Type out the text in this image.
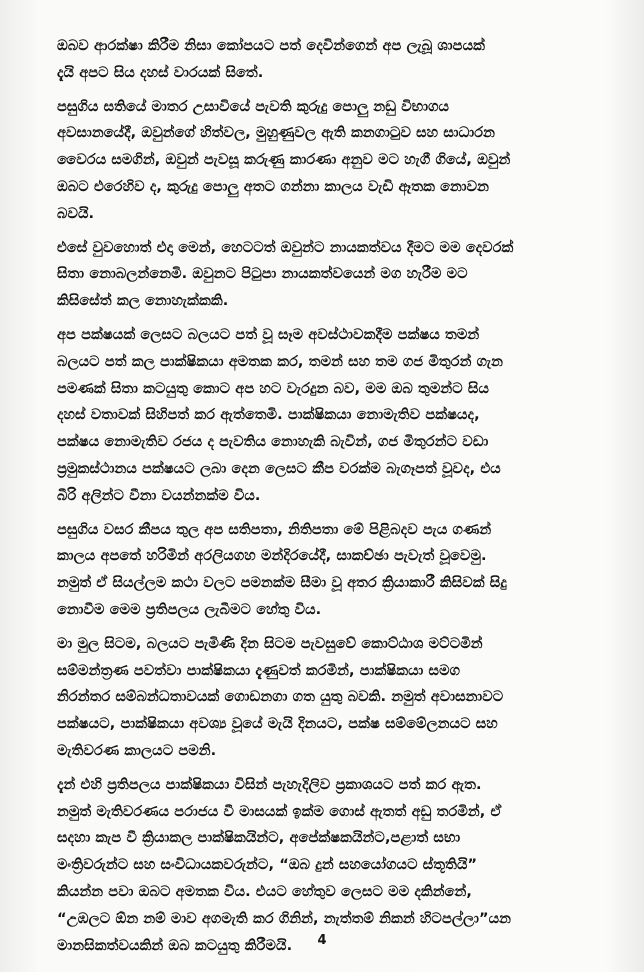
ඔබව ආරක්ෂා කිරීම නිසා කෝපයට පත් දෙවින්ගෙන් අප ලැබූ ශාපයක්
දැයි අපට සිය දහස් වාරයක් සිතේ.
පසුගිය සතියේ මාතර උසාවියේ පැවති කුරුදු පොලු නඩු විභාගය
අවසානයේදී, ඔවුන්ගේ හිත්වල, මුහුණුවල ඇති කනගාටුව සහ සාධාරන
වෛරය සමගින්, ඔවුන් පැවසූ කරුණු කාරණා අනුව මට හැගී ගියේ, ඔවුන්
ඔබට එරෙහිව ද, කුරුදු පොලු අතට ගන්නා කාලය වැඩි ඈතක නොවන
බවයි.
එසේ වුවහොත් එදා මෙන්, හෙටටත් ඔවුන්ට නායකත්වය දීමට මම දෙවරක්
සිතා නොබලන්නෙමි. ඔවුනට පිටුපා නායකත්වයෙන් මග හැරීම මට
කිසිසේත් කල නොහැක්කකි.
අප පක්ෂයක් ලෙසට බලයට පත් වූ සෑම අවස්ථාවකදීම පක්ෂය තමන්
බලයට පත් කල පාක්ෂිකයා අමතක කර, තමන් සහ තම ගජ මිතුරන් ගැන
පමණක් සිතා කටයුතු කොට අප හට වැරදුන බව, මම ඔබ තුමන්ට සිය
දහස් වතාවක් සිහිපත් කර ඇත්තෙමි. පාක්ෂිකයා නොමැතිව පක්ෂයද,
පක්ෂය නොමැතිව රජය ද පැවතිය නොහැකි බැවින්, ගජ මිතුරන්ට වඩා
ප්‍රමුකස්ථානය පක්ෂයට ලබා දෙන ලෙසට කීප වරක්ම බැගෑපත් වූවද, එය
බීරි අලින්ට වීනා වයන්නක්ම විය.
පසුගිය වසර කීපය තුල අප සතිපතා, නිතිපතා මේ පිළිබදව පැය ගණන්
කාලය අපතේ හරිමින් අරලියගහ මන්දිරයේදී, සාකච්ඡා පැවැත් වූවෙමු.
නමුත් ඒ සියල්ලම කථා වලට පමනක්ම සීමා වූ අතර ක්‍රියාකාරී කිසිවක් සිදු
නොවීම මෙම ප්‍රතිපලය ලැබීමට හේතු විය.
මා මුල සිටම, බලයට පැමිණි දින සිටම පැවසුවේ කොට්ඨාශ මට්ටමින්
සම්මන්ත්‍රණ පවත්වා පාක්ෂිකයා දැණුවත් කරමින්, පාක්ෂිකයා සමග
නිරන්තර සම්බන්ධතාවයක් ගොඩනගා ගත යුතු බවකි. නමුත් අවාසනාවට
පක්ෂයට, පාක්ෂිකයා අවශ්‍ය වූයේ මැයි දිනයට, පක්ෂ සම්මේලනයට සහ
මැතිවරණ කාලයට පමනි.
දැන් එහි ප්‍රතිපලය පාක්ෂිකයා විසින් පැහැදිලිව ප්‍රකාශයට පත් කර ඇත.
නමුත් මැතිවරණය පරාජය වී මාසයක් ඉක්ම ගොස් ඇතත් අඩු තරමින්, ඒ
සදහා කැප වී ක්‍රියාකල පාක්ෂිකයින්ට, අපේක්ෂකයින්ට,පළාත් සභා
මංත්‍රිවරුන්ට සහ සංවිධායකවරුන්ට, “ඔබ දුන් සහයෝගයට ස්තූතියි”
කියන්න පවා ඔබට අමතක විය. එයට හේතුව ලෙසට මම දකින්නේ,
“උඹලට ඕන නම් මාව අගමැති කර ගිනින්, නැත්තම් නිකන් හිටපල්ලා”යන
මානසිකත්වයකින් ඔබ කටයුතු කිරීමයි.	4
